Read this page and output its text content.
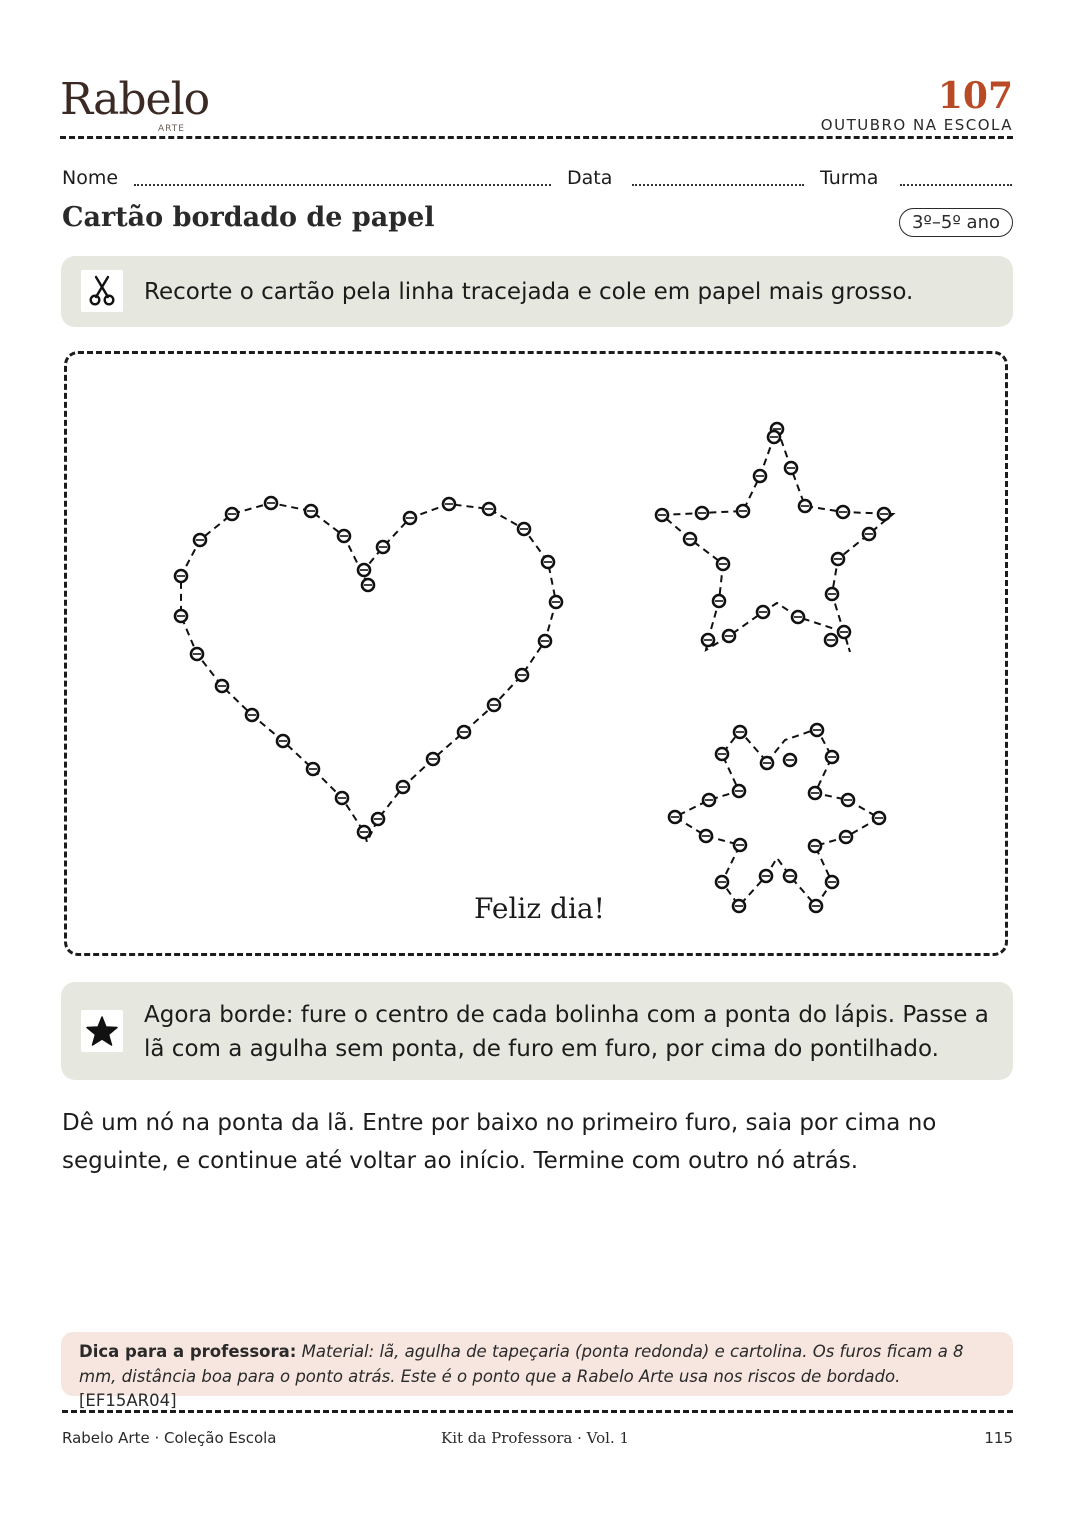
Rabelo
ARTE
107
OUTUBRO NA ESCOLA
Nome	Data	Turma
Cartão bordado de papel	3º–5º ano
Recorte o cartão pela linha tracejada e cole em papel mais grosso.
Feliz dia!
Agora borde: fure o centro de cada bolinha com a ponta do lápis. Passe a lã com a agulha sem ponta, de furo em furo, por cima do pontilhado.
Dê um nó na ponta da lã. Entre por baixo no primeiro furo, saia por cima no seguinte, e continue até voltar ao início. Termine com outro nó atrás.
Dica para a professora: Material: lã, agulha de tapeçaria (ponta redonda) e cartolina. Os furos ficam a 8 mm, distância boa para o ponto atrás. Este é o ponto que a Rabelo Arte usa nos riscos de bordado. [EF15AR04]
Rabelo Arte · Coleção Escola	Kit da Professora · Vol. 1	115
